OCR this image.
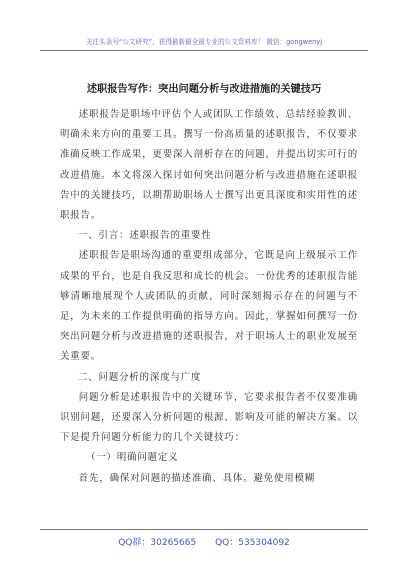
关注头条号“公文研究”，获得最新最全最专业的公文资料库！ 微信：gongwenyj
述职报告写作：突出问题分析与改进措施的关键技巧

述职报告是职场中评估个人或团队工作绩效、总结经验教训、明确未来方向的重要工具。撰写一份高质量的述职报告，不仅要求准确反映工作成果，更要深入剖析存在的问题，并提出切实可行的改进措施。本文将深入探讨如何突出问题分析与改进措施在述职报告中的关键技巧，以期帮助职场人士撰写出更具深度和实用性的述职报告。

一、引言：述职报告的重要性

述职报告是职场沟通的重要组成部分，它既是向上级展示工作成果的平台，也是自我反思和成长的机会。一份优秀的述职报告能够清晰地展现个人或团队的贡献，同时深刻揭示存在的问题与不足，为未来的工作提供明确的指导方向。因此，掌握如何撰写一份突出问题分析与改进措施的述职报告，对于职场人士的职业发展至关重要。

二、问题分析的深度与广度

问题分析是述职报告中的关键环节，它要求报告者不仅要准确识别问题，还要深入分析问题的根源、影响及可能的解决方案。以下是提升问题分析能力的几个关键技巧：

（一）明确问题定义

首先，确保对问题的描述准确、具体。避免使用模糊

QQ群：30265665 QQ：535304092
